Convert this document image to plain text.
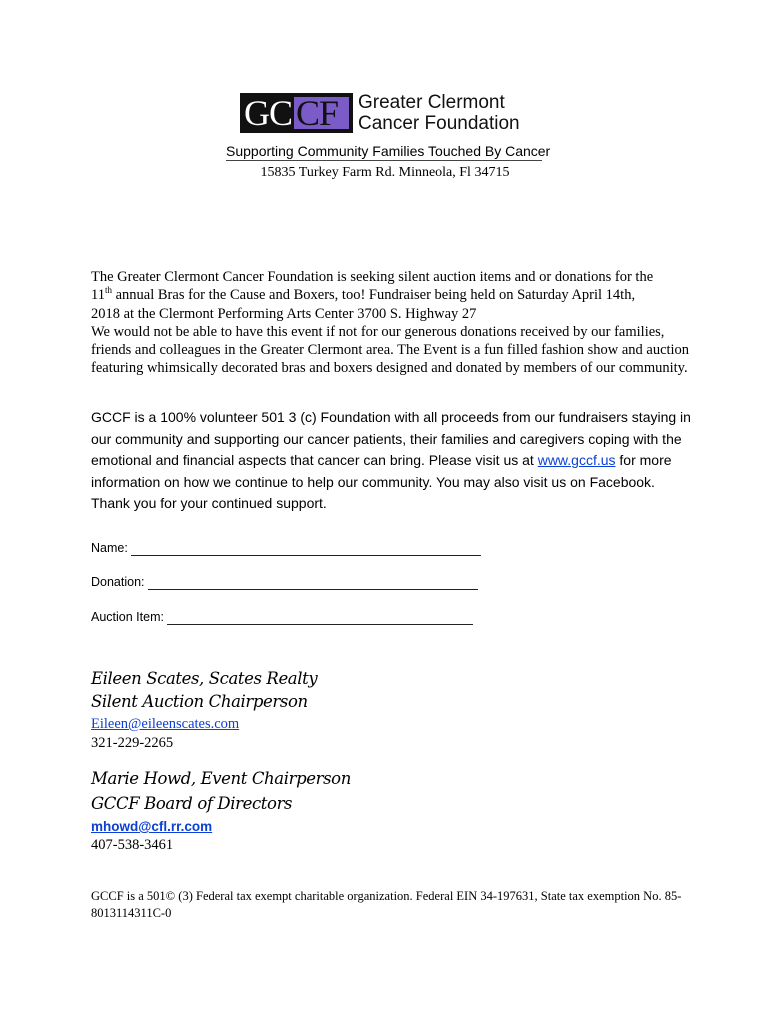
GC CF Greater Clermont
Cancer Foundation
Supporting Community Families Touched By Cancer
15835 Turkey Farm Rd. Minneola, Fl 34715
The Greater Clermont Cancer Foundation is seeking silent auction items and or donations for the
11th annual Bras for the Cause and Boxers, too! Fundraiser being held on Saturday April 14th,
2018 at the Clermont Performing Arts Center 3700 S. Highway 27
We would not be able to have this event if not for our generous donations received by our families, friends and colleagues in the Greater Clermont area. The Event is a fun filled fashion show and auction featuring whimsically decorated bras and boxers designed and donated by members of our community.
GCCF is a 100% volunteer 501 3 (c) Foundation with all proceeds from our fundraisers staying in our community and supporting our cancer patients, their families and caregivers coping with the emotional and financial aspects that cancer can bring. Please visit us at www.gccf.us for more information on how we continue to help our community. You may also visit us on Facebook. Thank you for your continued support.
Name:
Donation:
Auction Item:
Eileen Scates, Scates Realty
Silent Auction Chairperson
Eileen@eileenscates.com
321-229-2265
Marie Howd, Event Chairperson
GCCF Board of Directors
mhowd@cfl.rr.com
407-538-3461
GCCF is a 501© (3) Federal tax exempt charitable organization. Federal EIN 34-197631, State tax exemption No. 85-8013114311C-0
